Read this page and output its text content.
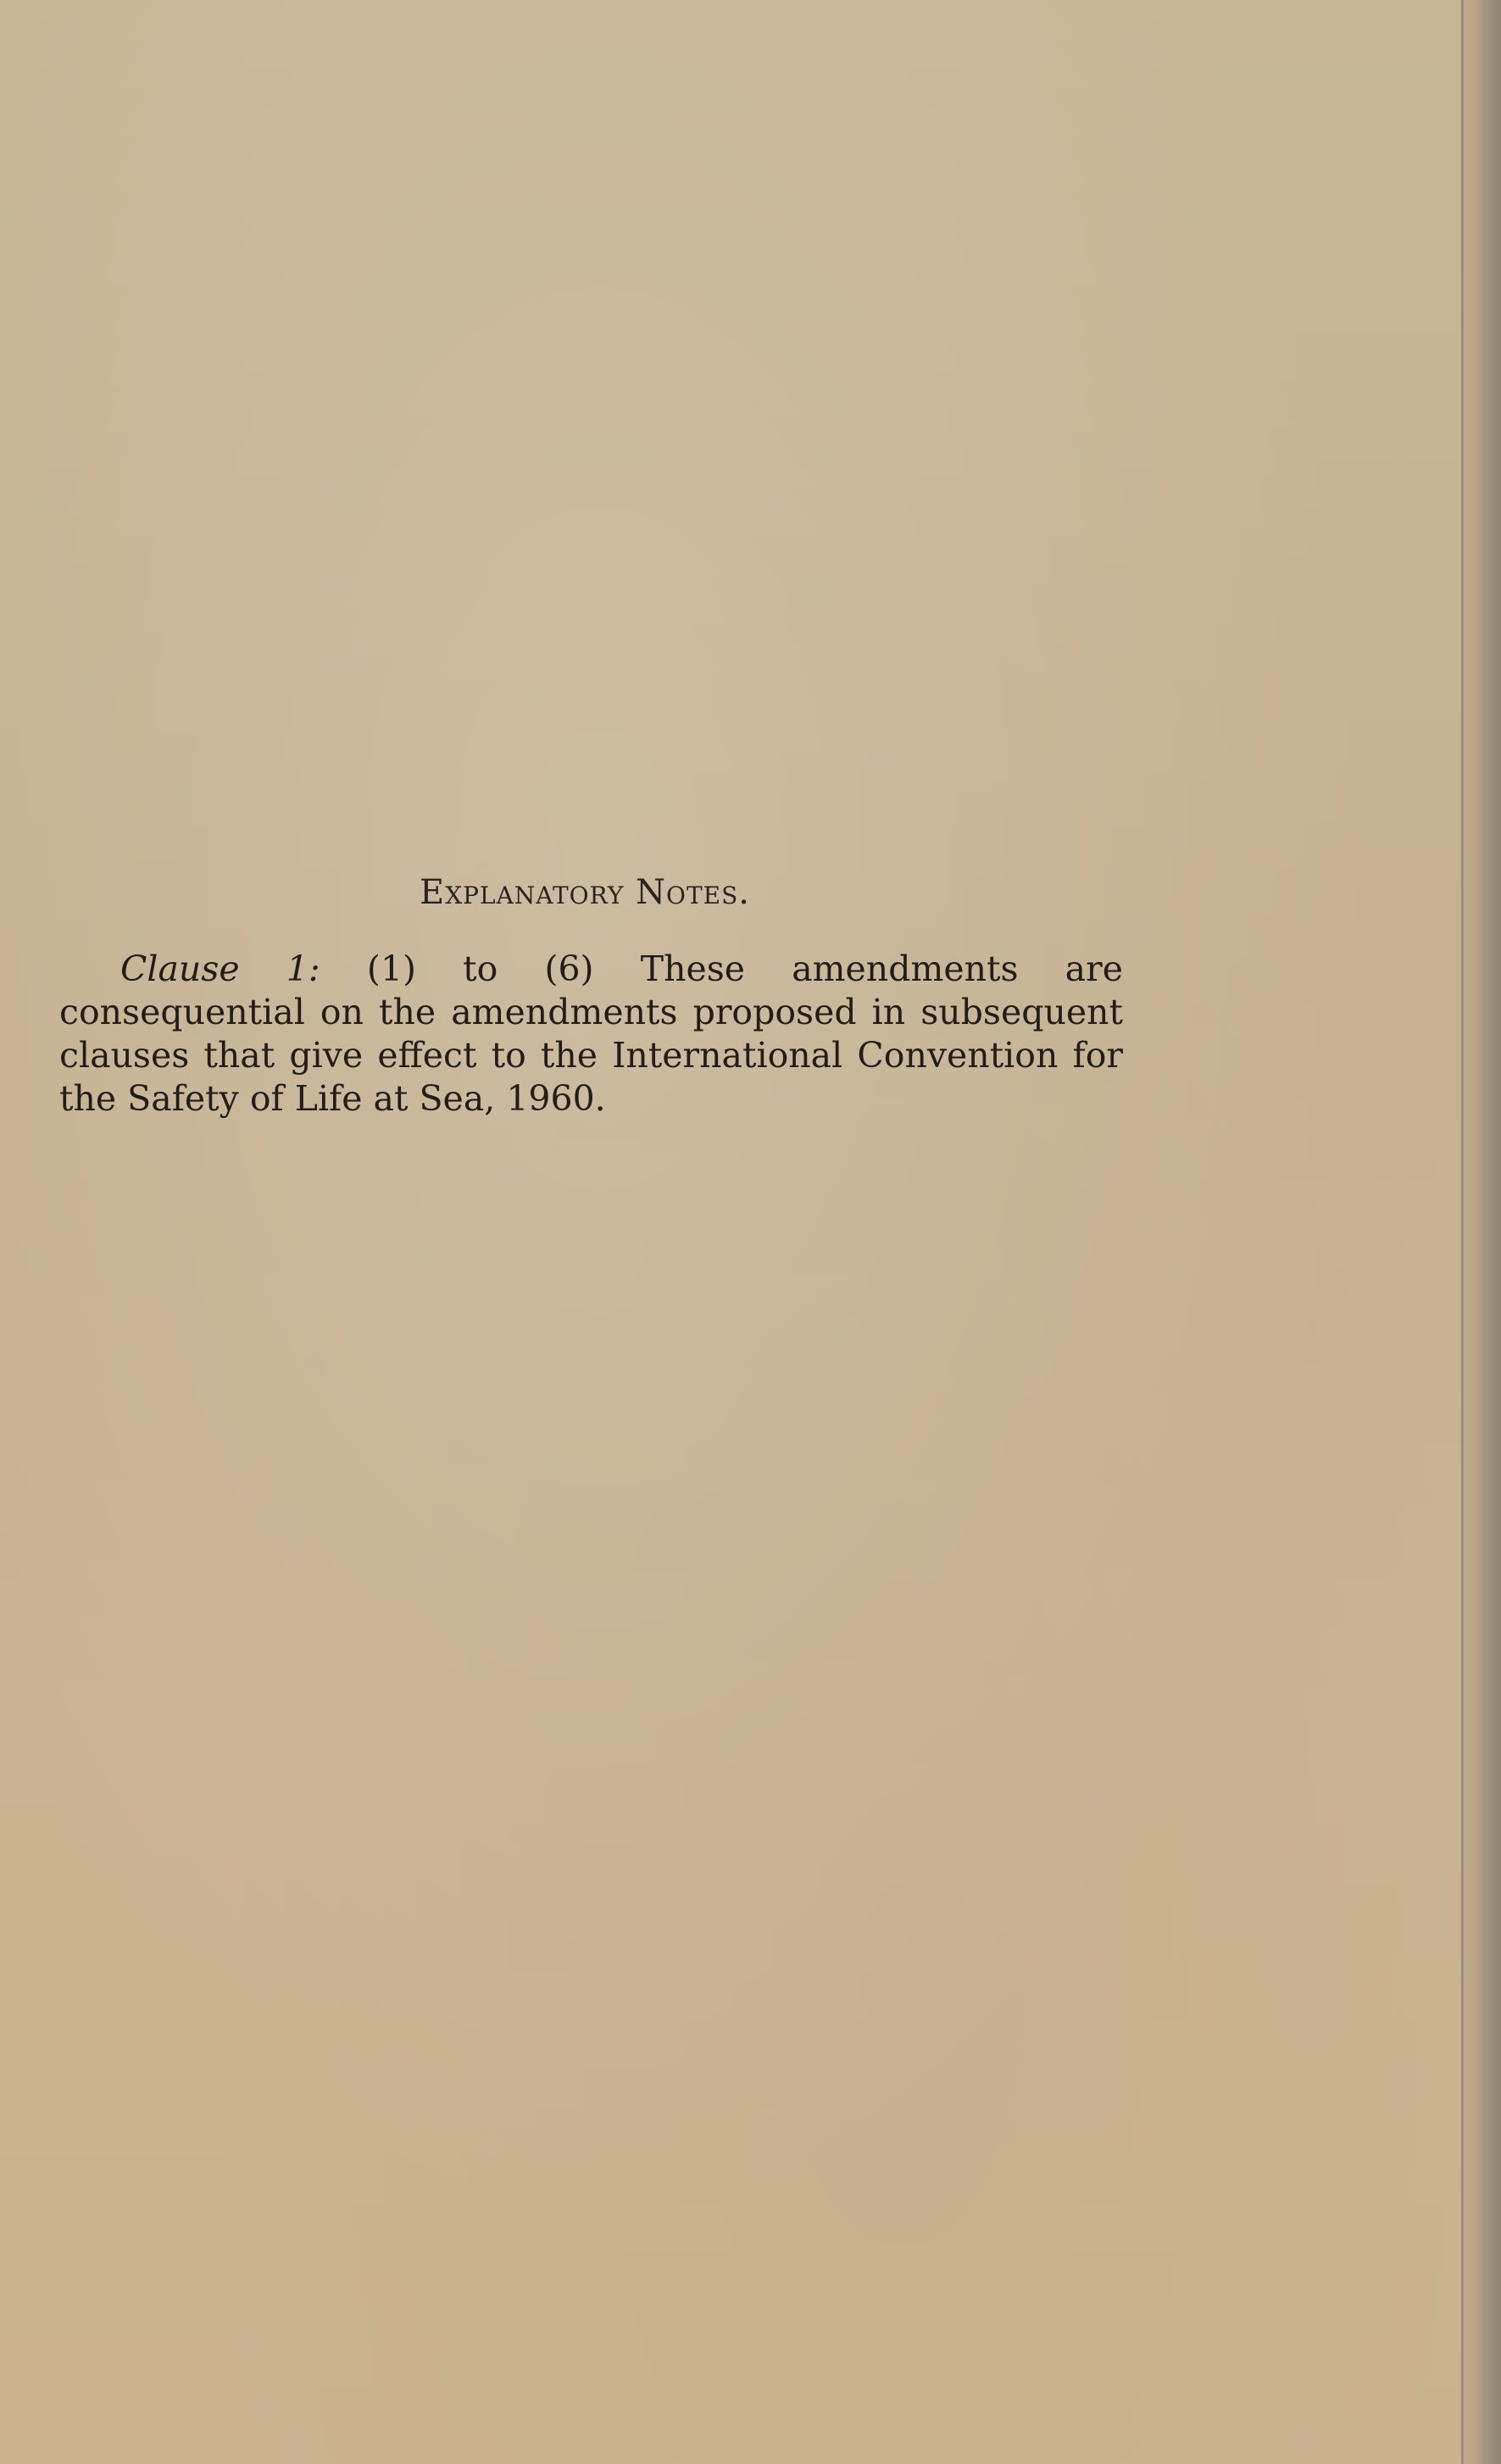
Explanatory Notes.

Clause 1: (1) to (6) These amendments are consequential on the amendments proposed in subsequent clauses that give effect to the International Convention for the Safety of Life at Sea, 1960.
